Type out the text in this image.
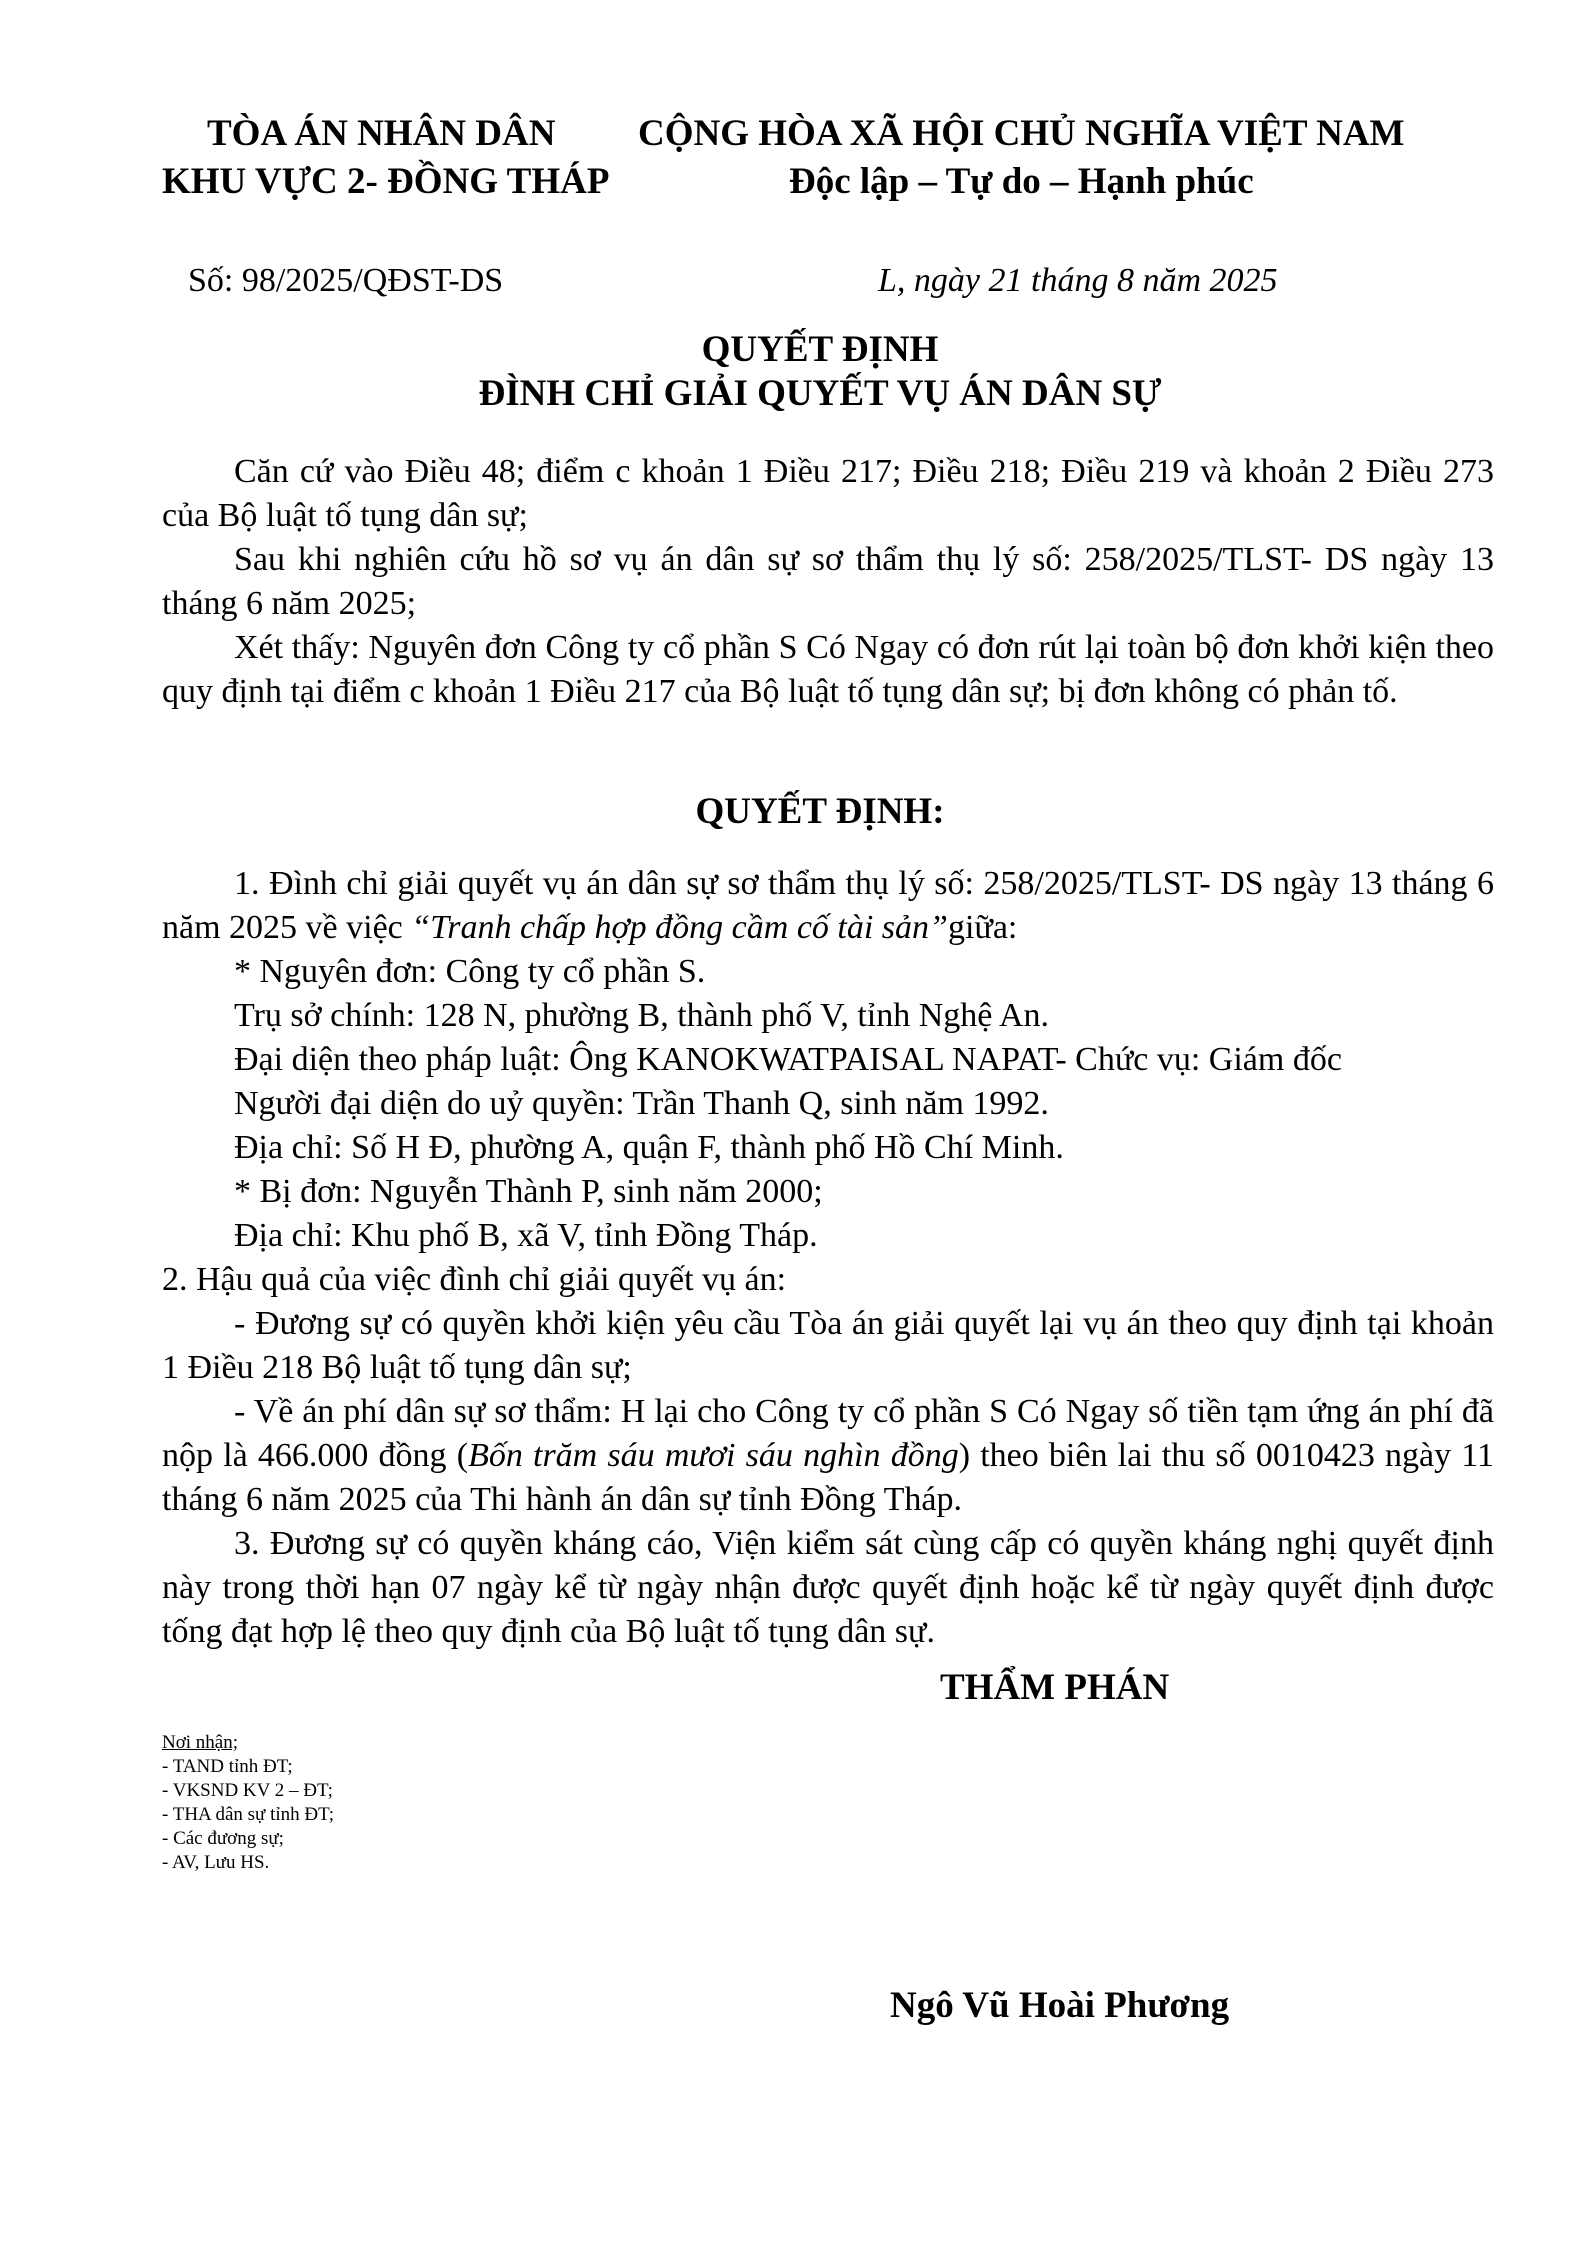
TÒA ÁN NHÂN DÂN
KHU VỰC 2- ĐỒNG THÁP
CỘNG HÒA XÃ HỘI CHỦ NGHĨA VIỆT NAM
Độc lập – Tự do – Hạnh phúc
Số: 98/2025/QĐST-DS	L, ngày 21 tháng 8 năm 2025
QUYẾT ĐỊNH
ĐÌNH CHỈ GIẢI QUYẾT VỤ ÁN DÂN SỰ
Căn cứ vào Điều 48; điểm c khoản 1 Điều 217; Điều 218; Điều 219 và khoản 2 Điều 273 của Bộ luật tố tụng dân sự;
Sau khi nghiên cứu hồ sơ vụ án dân sự sơ thẩm thụ lý số: 258/2025/TLST- DS ngày 13 tháng 6 năm 2025;
Xét thấy: Nguyên đơn Công ty cổ phần S Có Ngay có đơn rút lại toàn bộ đơn khởi kiện theo quy định tại điểm c khoản 1 Điều 217 của Bộ luật tố tụng dân sự; bị đơn không có phản tố.
QUYẾT ĐỊNH:
1. Đình chỉ giải quyết vụ án dân sự sơ thẩm thụ lý số: 258/2025/TLST- DS ngày 13 tháng 6 năm 2025 về việc “Tranh chấp hợp đồng cầm cố tài sản”giữa:
* Nguyên đơn: Công ty cổ phần S.
Trụ sở chính: 128 N, phường B, thành phố V, tỉnh Nghệ An.
Đại diện theo pháp luật: Ông KANOKWATPAISAL NAPAT- Chức vụ: Giám đốc
Người đại diện do uỷ quyền: Trần Thanh Q, sinh năm 1992.
Địa chỉ: Số H Đ, phường A, quận F, thành phố Hồ Chí Minh.
* Bị đơn: Nguyễn Thành P, sinh năm 2000;
Địa chỉ: Khu phố B, xã V, tỉnh Đồng Tháp.
2. Hậu quả của việc đình chỉ giải quyết vụ án:
- Đương sự có quyền khởi kiện yêu cầu Tòa án giải quyết lại vụ án theo quy định tại khoản 1 Điều 218 Bộ luật tố tụng dân sự;
- Về án phí dân sự sơ thẩm: H lại cho Công ty cổ phần S Có Ngay số tiền tạm ứng án phí đã nộp là 466.000 đồng (Bốn trăm sáu mươi sáu nghìn đồng) theo biên lai thu số 0010423 ngày 11 tháng 6 năm 2025 của Thi hành án dân sự tỉnh Đồng Tháp.
3. Đương sự có quyền kháng cáo, Viện kiểm sát cùng cấp có quyền kháng nghị quyết định này trong thời hạn 07 ngày kể từ ngày nhận được quyết định hoặc kể từ ngày quyết định được tống đạt hợp lệ theo quy định của Bộ luật tố tụng dân sự.
THẨM PHÁN
Nơi nhận;
- TAND tỉnh ĐT;
- VKSND KV 2 – ĐT;
- THA dân sự tỉnh ĐT;
- Các đương sự;
- AV, Lưu HS.
Ngô Vũ Hoài Phương
